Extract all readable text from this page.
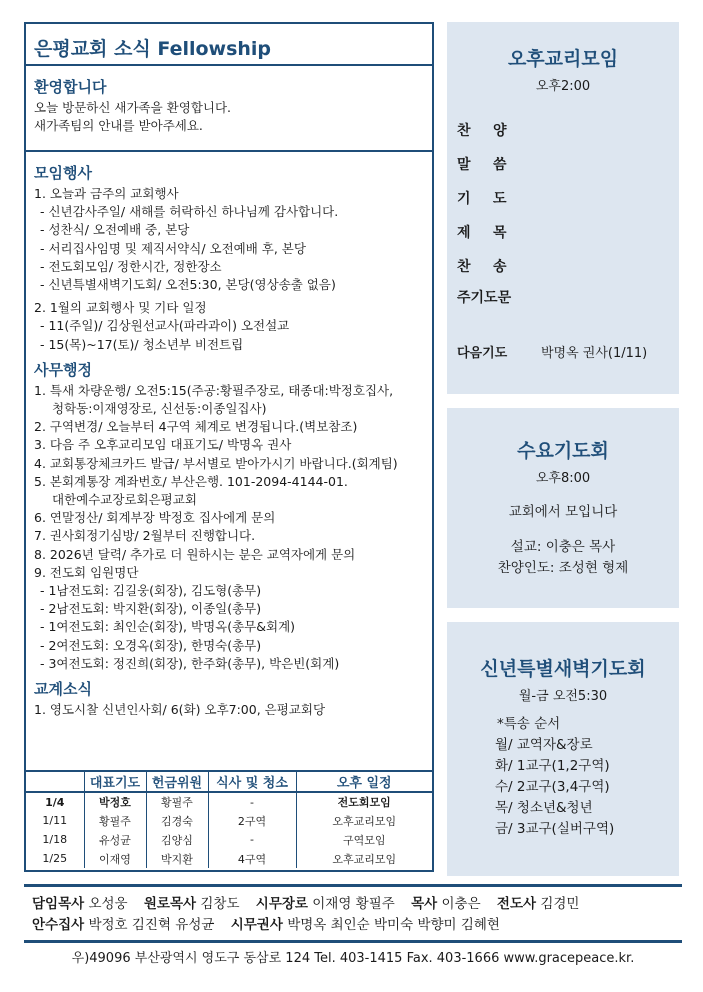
은평교회 소식 Fellowship
환영합니다
오늘 방문하신 새가족을 환영합니다.
새가족팀의 안내를 받아주세요.
모임행사
1. 오늘과 금주의 교회행사
- 신년감사주일/ 새해를 허락하신 하나님께 감사합니다.
- 성찬식/ 오전예배 중, 본당
- 서리집사임명 및 제직서약식/ 오전예배 후, 본당
- 전도회모임/ 정한시간, 정한장소
- 신년특별새벽기도회/ 오전5:30, 본당(영상송출 없음)
2. 1월의 교회행사 및 기타 일정
- 11(주일)/ 김상원선교사(파라과이) 오전설교
- 15(목)~17(토)/ 청소년부 비전트립
사무행정
1. 특새 차량운행/ 오전5:15(주공:황필주장로, 태종대:박정호집사,
청학동:이재영장로, 신선동:이종일집사)
2. 구역변경/ 오늘부터 4구역 체계로 변경됩니다.(벽보참조)
3. 다음 주 오후교리모임 대표기도/ 박명옥 권사
4. 교회통장체크카드 발급/ 부서별로 받아가시기 바랍니다.(회계팀)
5. 본회계통장 계좌번호/ 부산은행. 101-2094-4144-01.
대한예수교장로회은평교회
6. 연말정산/ 회계부장 박정호 집사에게 문의
7. 권사회정기심방/ 2월부터 진행합니다.
8. 2026년 달력/ 추가로 더 원하시는 분은 교역자에게 문의
9. 전도회 임원명단
- 1남전도회: 김길웅(회장), 김도형(총무)
- 2남전도회: 박지환(회장), 이종일(총무)
- 1여전도회: 최인순(회장), 박명옥(총무&회계)
- 2여전도회: 오경옥(회장), 한명숙(총무)
- 3여전도회: 정진희(회장), 한주화(총무), 박은빈(회계)
교계소식
1. 영도시찰 신년인사회/ 6(화) 오후7:00, 은평교회당
	대표기도	헌금위원	식사 및 청소	오후 일정
1/4	박정호	황필주	-	전도회모임
1/11	황필주	김경숙	2구역	오후교리모임
1/18	유성균	김양심	-	구역모임
1/25	이재영	박지환	4구역	오후교리모임
오후교리모임
오후2:00
찬 양
말 씀
기 도
제 목
찬 송
주기도문
다음기도	박명옥 권사(1/11)
수요기도회
오후8:00
교회에서 모입니다
설교: 이충은 목사
찬양인도: 조성현 형제
신년특별새벽기도회
월-금 오전5:30
*특송 순서
월/ 교역자&장로
화/ 1교구(1,2구역)
수/ 2교구(3,4구역)
목/ 청소년&청년
금/ 3교구(실버구역)
담임목사 오성웅 원로목사 김창도 시무장로 이재영 황필주 목사 이충은 전도사 김경민
안수집사 박정호 김진혁 유성균 시무권사 박명옥 최인순 박미숙 박향미 김혜현
우)49096 부산광역시 영도구 동삼로 124 Tel. 403-1415 Fax. 403-1666 www.gracepeace.kr.
